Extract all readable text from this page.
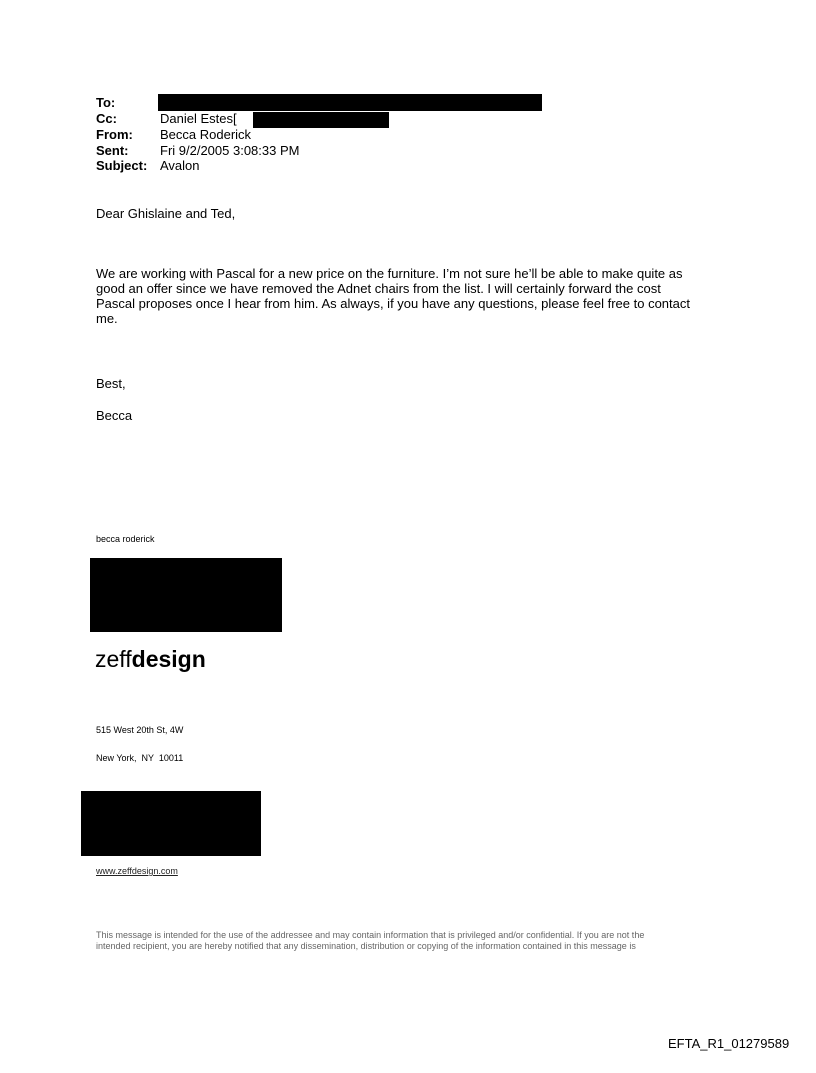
To:
Cc:	Daniel Estes[
From: Becca Roderick
Sent: Fri 9/2/2005 3:08:33 PM
Subject: Avalon
Dear Ghislaine and Ted,
We are working with Pascal for a new price on the furniture. I’m not sure he’ll be able to make quite as
good an offer since we have removed the Adnet chairs from the list. I will certainly forward the cost
Pascal proposes once I hear from him. As always, if you have any questions, please feel free to contact
me.
Best,
Becca
becca roderick
zeffdesign
515 West 20th St, 4W
New York,  NY  10011
www.zeffdesign.com
This message is intended for the use of the addressee and may contain information that is privileged and/or confidential. If you are not the
intended recipient, you are hereby notified that any dissemination, distribution or copying of the information contained in this message is
EFTA_R1_01279589
